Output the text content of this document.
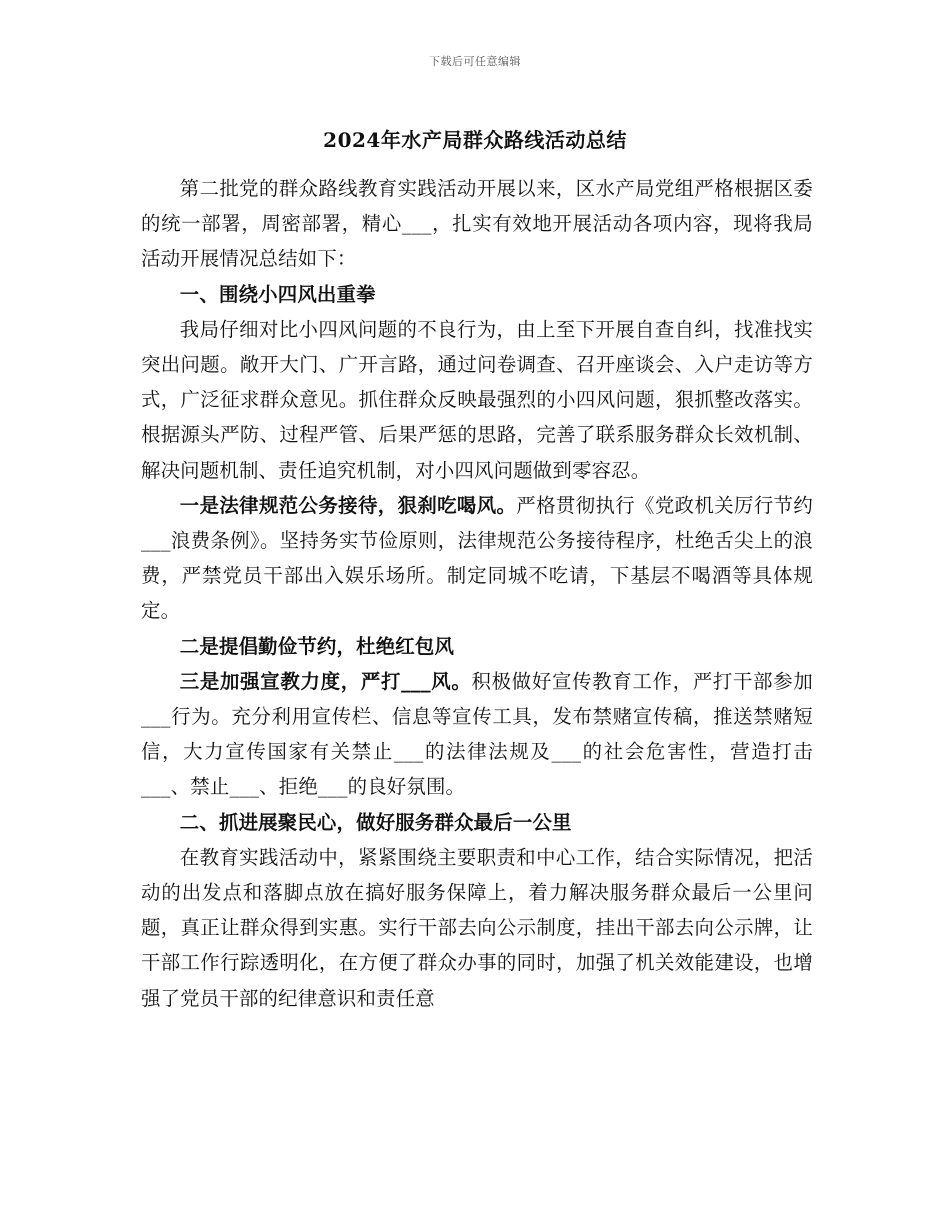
下载后可任意编辑
2024年水产局群众路线活动总结

第二批党的群众路线教育实践活动开展以来，区水产局党组严格根据区委的统一部署，周密部署，精心___，扎实有效地开展活动各项内容，现将我局活动开展情况总结如下：

一、围绕小四风出重拳

我局仔细对比小四风问题的不良行为，由上至下开展自查自纠，找准找实突出问题。敞开大门、广开言路，通过问卷调查、召开座谈会、入户走访等方式，广泛征求群众意见。抓住群众反映最强烈的小四风问题，狠抓整改落实。根据源头严防、过程严管、后果严惩的思路，完善了联系服务群众长效机制、解决问题机制、责任追究机制，对小四风问题做到零容忍。

一是法律规范公务接待，狠刹吃喝风。严格贯彻执行《党政机关厉行节约___浪费条例》。坚持务实节俭原则，法律规范公务接待程序，杜绝舌尖上的浪费，严禁党员干部出入娱乐场所。制定同城不吃请，下基层不喝酒等具体规定。

二是提倡勤俭节约，杜绝红包风

三是加强宣教力度，严打___风。积极做好宣传教育工作，严打干部参加___行为。充分利用宣传栏、信息等宣传工具，发布禁赌宣传稿，推送禁赌短信，大力宣传国家有关禁止___的法律法规及___的社会危害性，营造打击___、禁止___、拒绝___的良好氛围。

二、抓进展聚民心，做好服务群众最后一公里

在教育实践活动中，紧紧围绕主要职责和中心工作，结合实际情况，把活动的出发点和落脚点放在搞好服务保障上，着力解决服务群众最后一公里问题，真正让群众得到实惠。实行干部去向公示制度，挂出干部去向公示牌，让干部工作行踪透明化，在方便了群众办事的同时，加强了机关效能建设，也增强了党员干部的纪律意识和责任意
